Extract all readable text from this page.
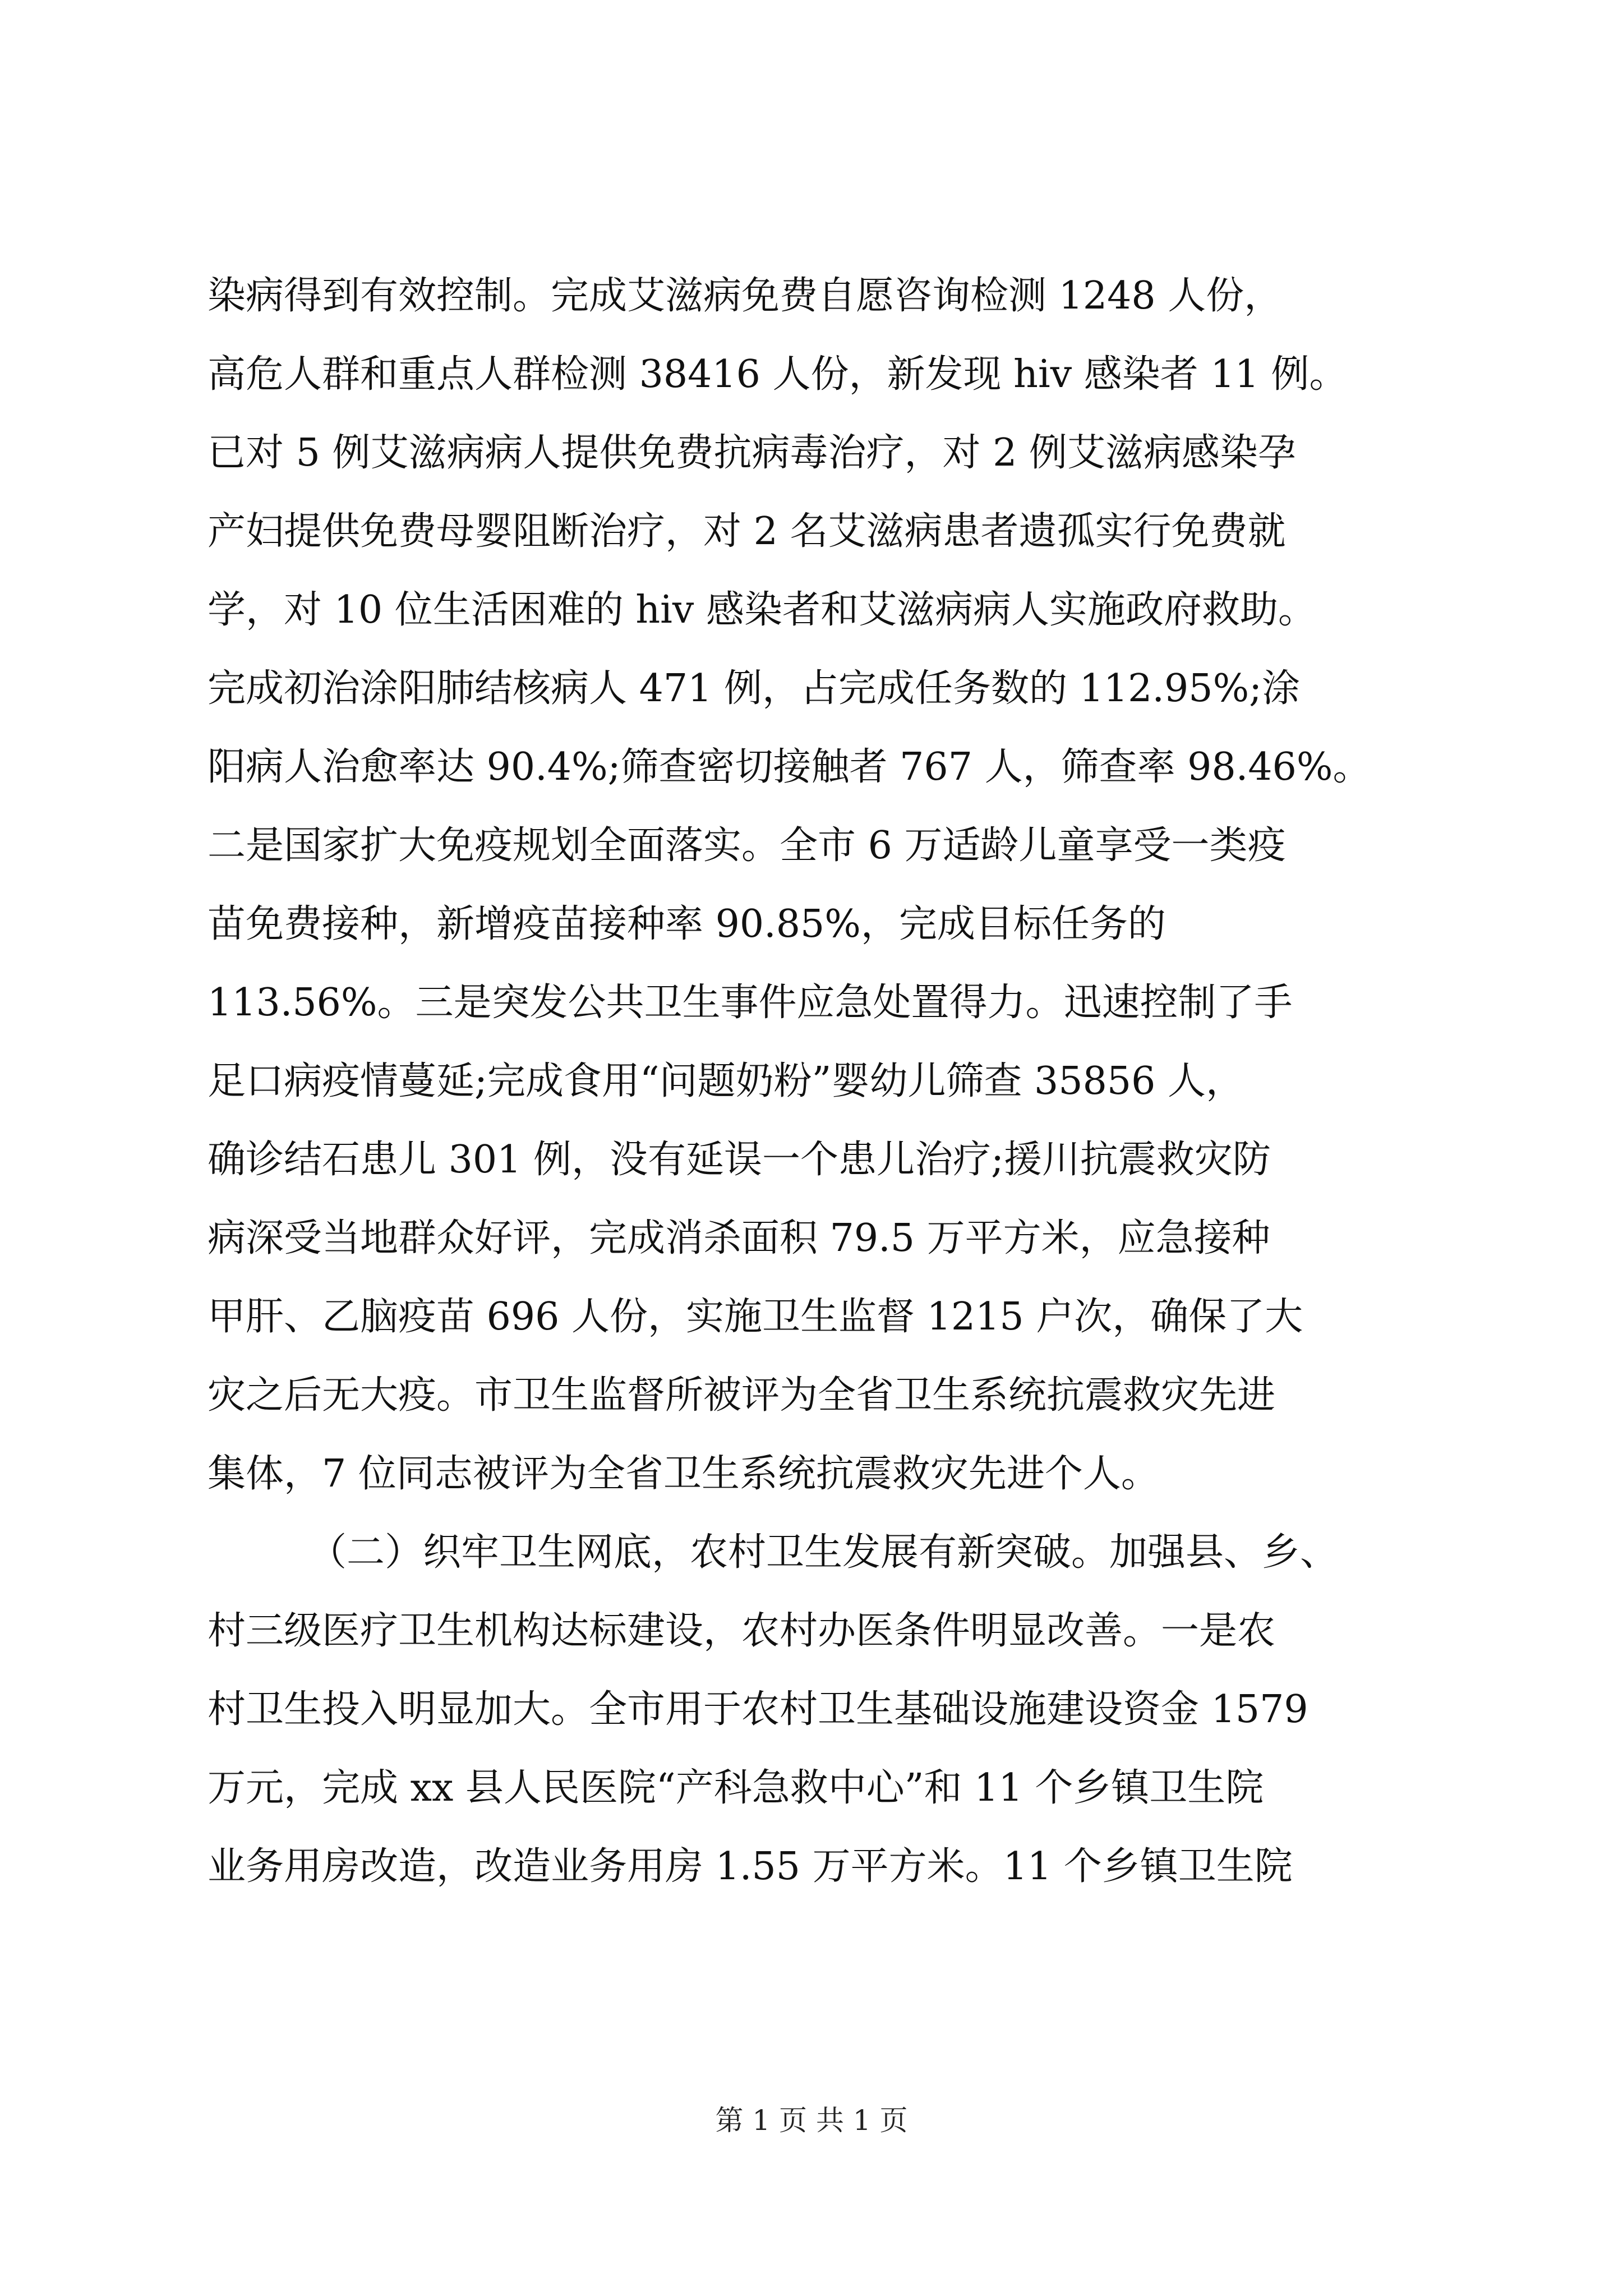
染病得到有效控制。完成艾滋病免费自愿咨询检测 1248 人份，
高危人群和重点人群检测 38416 人份，新发现 hiv 感染者 11 例。
已对 5 例艾滋病病人提供免费抗病毒治疗，对 2 例艾滋病感染孕
产妇提供免费母婴阻断治疗，对 2 名艾滋病患者遗孤实行免费就
学，对 10 位生活困难的 hiv 感染者和艾滋病病人实施政府救助。
完成初治涂阳肺结核病人 471 例，占完成任务数的 112.95%;涂
阳病人治愈率达 90.4%;筛查密切接触者 767 人，筛查率 98.46%。
二是国家扩大免疫规划全面落实。全市 6 万适龄儿童享受一类疫
苗免费接种，新增疫苗接种率 90.85%，完成目标任务的
113.56%。三是突发公共卫生事件应急处置得力。迅速控制了手
足口病疫情蔓延;完成食用“问题奶粉”婴幼儿筛查 35856 人，
确诊结石患儿 301 例，没有延误一个患儿治疗;援川抗震救灾防
病深受当地群众好评，完成消杀面积 79.5 万平方米，应急接种
甲肝、乙脑疫苗 696 人份，实施卫生监督 1215 户次，确保了大
灾之后无大疫。市卫生监督所被评为全省卫生系统抗震救灾先进
集体，7 位同志被评为全省卫生系统抗震救灾先进个人。
（二）织牢卫生网底，农村卫生发展有新突破。加强县、乡、
村三级医疗卫生机构达标建设，农村办医条件明显改善。一是农
村卫生投入明显加大。全市用于农村卫生基础设施建设资金 1579
万元，完成 xx 县人民医院“产科急救中心”和 11 个乡镇卫生院
业务用房改造，改造业务用房 1.55 万平方米。11 个乡镇卫生院
第 1 页 共 1 页
